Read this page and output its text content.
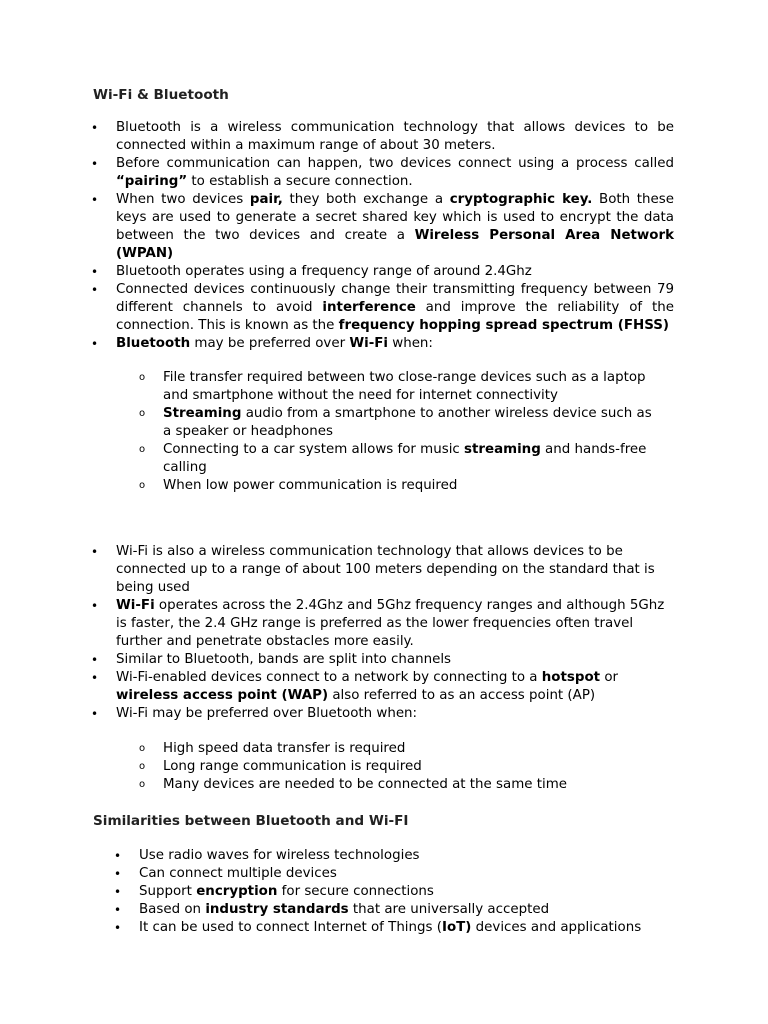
Wi-Fi & Bluetooth
• Bluetooth is a wireless communication technology that allows devices to be connected within a maximum range of about 30 meters.
• Before communication can happen, two devices connect using a process called “pairing” to establish a secure connection.
• When two devices pair, they both exchange a cryptographic key. Both these keys are used to generate a secret shared key which is used to encrypt the data between the two devices and create a Wireless Personal Area Network (WPAN)
• Bluetooth operates using a frequency range of around 2.4Ghz
• Connected devices continuously change their transmitting frequency between 79 different channels to avoid interference and improve the reliability of the connection. This is known as the frequency hopping spread spectrum (FHSS)
• Bluetooth may be preferred over Wi-Fi when:
o File transfer required between two close-range devices such as a laptop and smartphone without the need for internet connectivity
o Streaming audio from a smartphone to another wireless device such as a speaker or headphones
o Connecting to a car system allows for music streaming and hands-free calling
o When low power communication is required
• Wi-Fi is also a wireless communication technology that allows devices to be connected up to a range of about 100 meters depending on the standard that is being used
• Wi-Fi operates across the 2.4Ghz and 5Ghz frequency ranges and although 5Ghz is faster, the 2.4 GHz range is preferred as the lower frequencies often travel further and penetrate obstacles more easily.
• Similar to Bluetooth, bands are split into channels
• Wi-Fi-enabled devices connect to a network by connecting to a hotspot or wireless access point (WAP) also referred to as an access point (AP)
• Wi-Fi may be preferred over Bluetooth when:
o High speed data transfer is required
o Long range communication is required
o Many devices are needed to be connected at the same time
Similarities between Bluetooth and Wi-FI
• Use radio waves for wireless technologies
• Can connect multiple devices
• Support encryption for secure connections
• Based on industry standards that are universally accepted
• It can be used to connect Internet of Things (IoT) devices and applications
